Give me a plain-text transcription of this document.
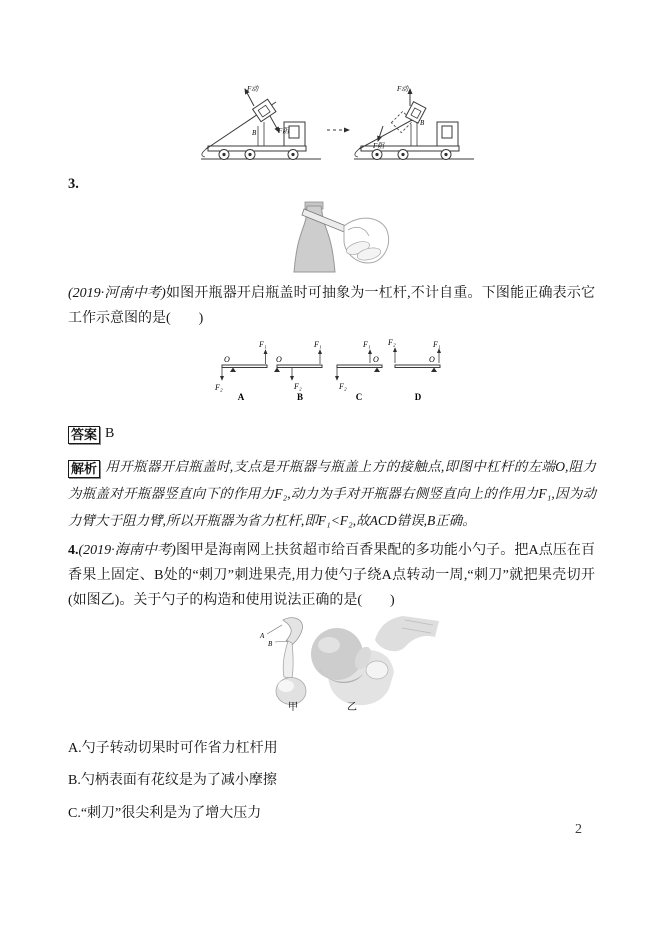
B
F动
F阻
B
F动
F阻
3.
(2019·河南中考)如图开瓶器开启瓶盖时可抽象为一杠杆,不计自重。下图能正确表示它工作示意图的是(　　)
O
F₂
F₁
A
O
F₂
F₁
B
F₂
O
F₁
C
F₂
O
F₁
D
答案 B
解析 用开瓶器开启瓶盖时,支点是开瓶器与瓶盖上方的接触点,即图中杠杆的左端O,阻力为瓶盖对开瓶器竖直向下的作用力F₂,动力为手对开瓶器右侧竖直向上的作用力F₁,因为动力臂大于阻力臂,所以开瓶器为省力杠杆,即F₁<F₂,故ACD错误,B正确。
4.(2019·海南中考)图甲是海南网上扶贫超市给百香果配的多功能小勺子。把A点压在百香果上固定、B处的“刺刀”刺进果壳,用力使勺子绕A点转动一周,“刺刀”就把果壳切开(如图乙)。关于勺子的构造和使用说法正确的是(　　)
A
B
甲	乙
A.勺子转动切果时可作省力杠杆用
B.勺柄表面有花纹是为了减小摩擦
C.“刺刀”很尖利是为了增大压力
2
